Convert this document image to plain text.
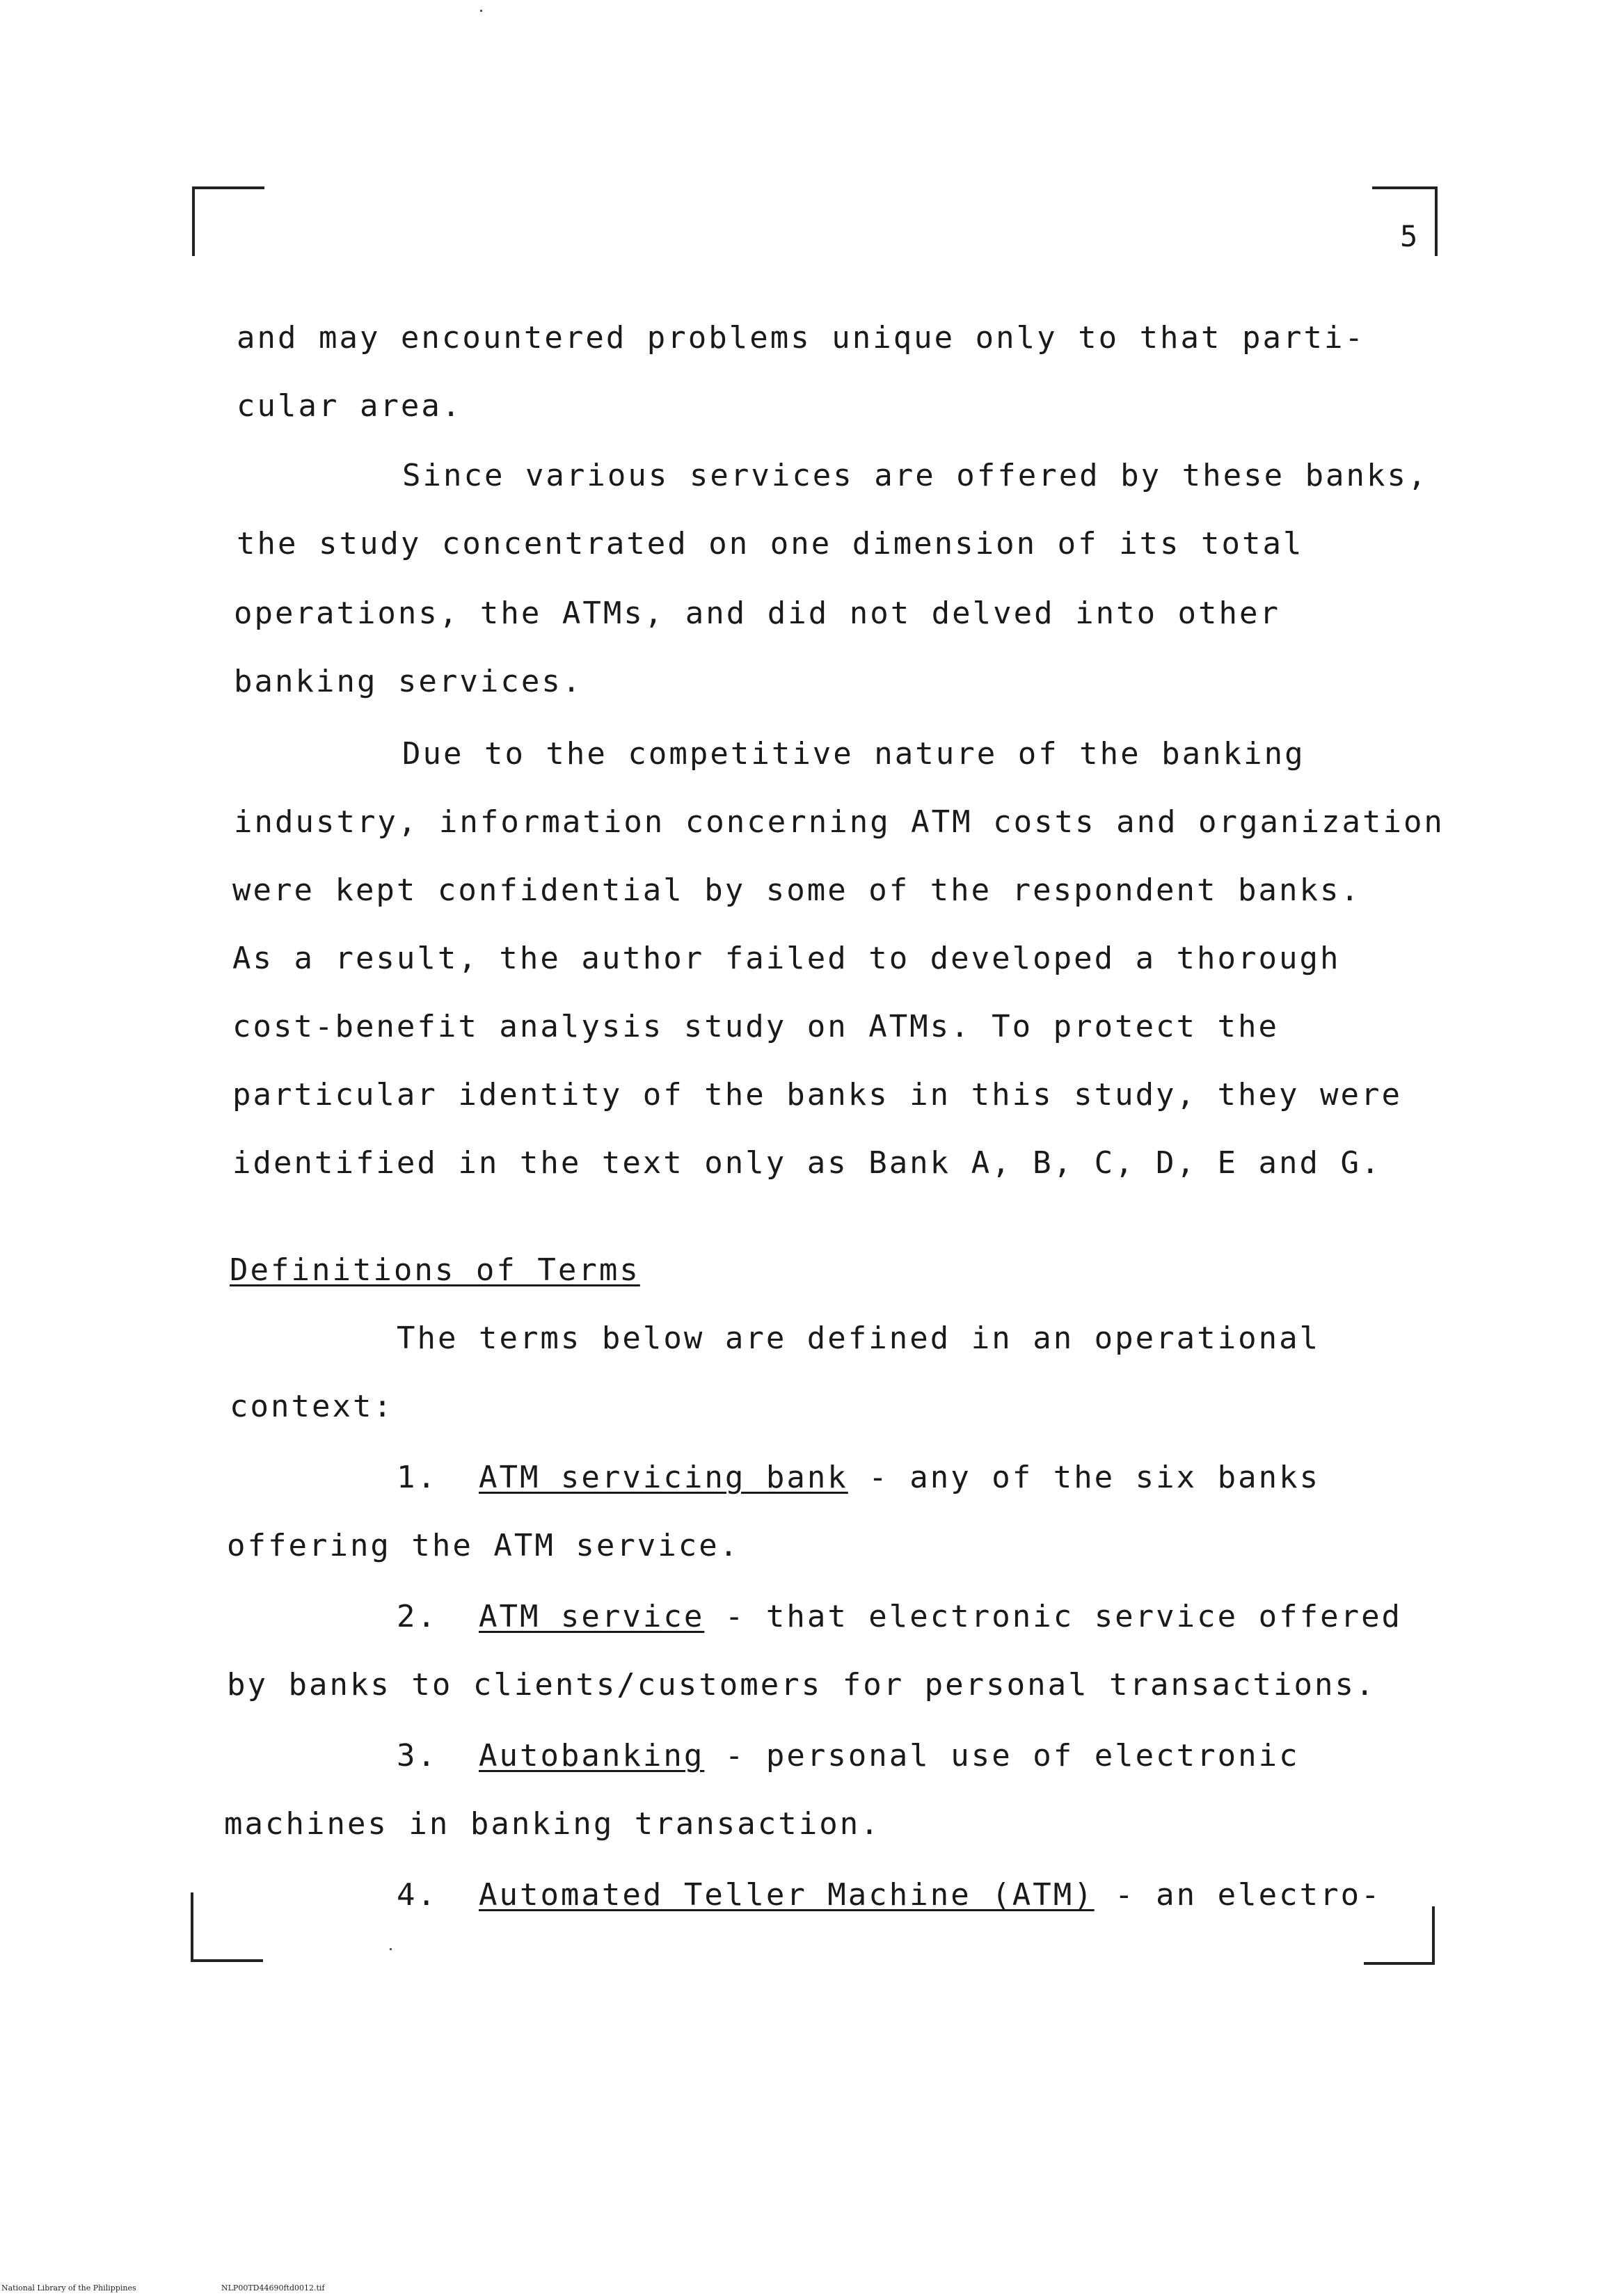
5
and may encountered problems unique only to that parti-
cular area.
Since various services are offered by these banks,
the study concentrated on one dimension of its total
operations, the ATMs, and did not delved into other
banking services.
Due to the competitive nature of the banking
industry, information concerning ATM costs and organization
were kept confidential by some of the respondent banks.
As a result, the author failed to developed a thorough
cost-benefit analysis study on ATMs. To protect the
particular identity of the banks in this study, they were
identified in the text only as Bank A, B, C, D, E and G.
Definitions of Terms
The terms below are defined in an operational
context:
1. ATM servicing bank - any of the six banks
offering the ATM service.
2. ATM service - that electronic service offered
by banks to clients/customers for personal transactions.
3. Autobanking - personal use of electronic
machines in banking transaction.
4. Automated Teller Machine (ATM) - an electro-
National Library of the Philippines	NLP00TD44690ftd0012.tif
